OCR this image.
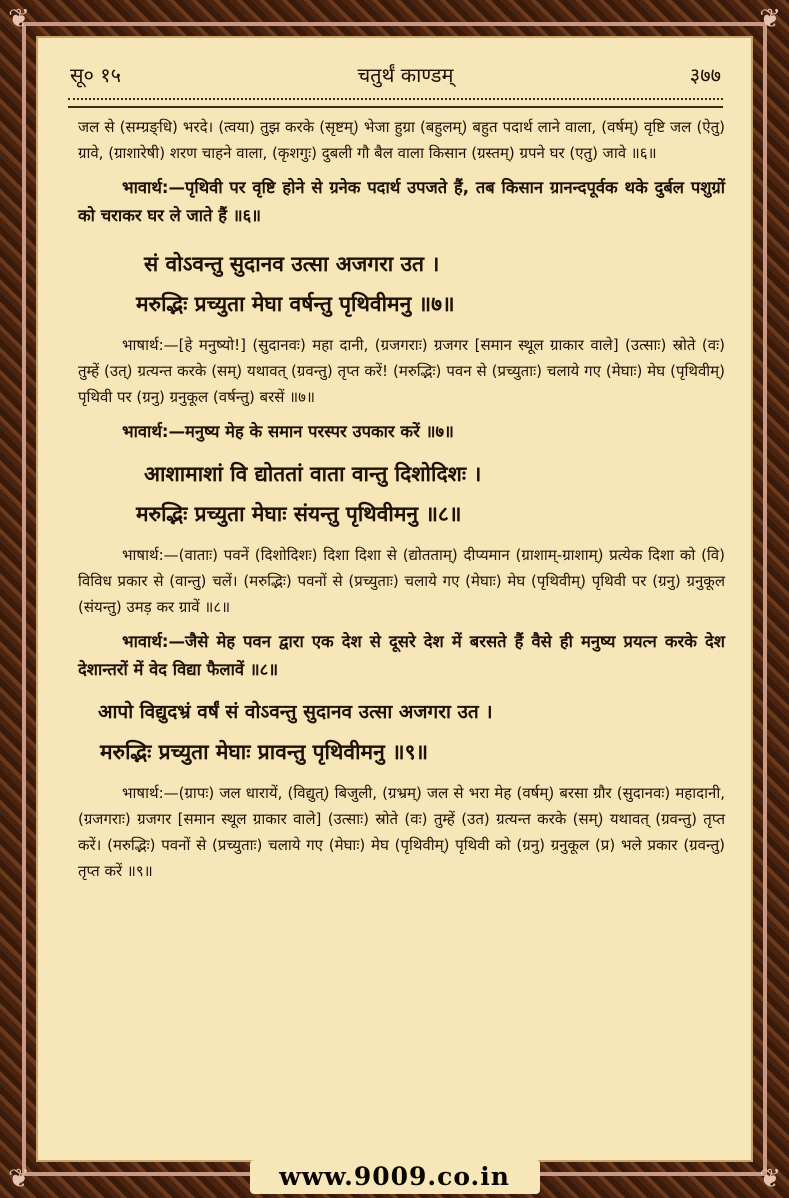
❦	❦
❦	❦
सू० १५	चतुर्थं काण्डम्	३७७

जल से (सम्ग्रङ्धि) भरदे। (त्वया) तुझ करके (सृष्टम्) भेजा हुग्रा (बहुलम्) बहुत पदार्थ लाने वाला, (वर्षम्) वृष्टि जल (ऐतु) ग्रावे, (ग्राशारेषी) शरण चाहने वाला, (कृशगुः) दुबली गौ बैल वाला किसान (ग्रस्तम्) ग्रपने घर (एतु) जावे ॥६॥

भावार्थ:—पृथिवी पर वृष्टि होने से ग्रनेक पदार्थ उपजते हैं, तब किसान ग्रानन्दपूर्वक थके दुर्बल पशुग्रों को चराकर घर ले जाते हैं ॥६॥

सं वोऽवन्तु सुदानव उत्सा अजगरा उत ।

मरुद्भिः प्रच्युता मेघा वर्षन्तु पृथिवीमनु ॥७॥

भाषार्थ:—[हे मनुष्यो!] (सुदानवः) महा दानी, (ग्रजगराः) ग्रजगर [समान स्थूल ग्राकार वाले] (उत्साः) स्रोते (वः) तुम्हें (उत्) ग्रत्यन्त करके (सम्) यथावत् (ग्रवन्तु) तृप्त करें! (मरुद्भिः) पवन से (प्रच्युताः) चलाये गए (मेघाः) मेघ (पृथिवीम्) पृथिवी पर (ग्रनु) ग्रनुकूल (वर्षन्तु) बरसें ॥७॥

भावार्थ:—मनुष्य मेह के समान परस्पर उपकार करें ॥७॥

आशामाशां वि द्योततां वाता वान्तु दिशोदिशः ।

मरुद्भिः प्रच्युता मेघाः संयन्तु पृथिवीमनु ॥८॥

भाषार्थ:—(वाताः) पवनें (दिशोदिशः) दिशा दिशा से (द्योतताम्) दीप्यमान (ग्राशाम्-ग्राशाम्) प्रत्येक दिशा को (वि) विविध प्रकार से (वान्तु) चलें। (मरुद्भिः) पवनों से (प्रच्युताः) चलाये गए (मेघाः) मेघ (पृथिवीम्) पृथिवी पर (ग्रनु) ग्रनुकूल (संयन्तु) उमड़ कर ग्रावें ॥८॥

भावार्थ:—जैसे मेह पवन द्वारा एक देश से दूसरे देश में बरसते हैं वैसे ही मनुष्य प्रयत्न करके देश देशान्तरों में वेद विद्या फैलावें ॥८॥

आपो विद्युदभ्रं वर्षं सं वोऽवन्तु सुदानव उत्सा अजगरा उत ।

मरुद्भिः प्रच्युता मेघाः प्रावन्तु पृथिवीमनु ॥९॥

भाषार्थ:—(ग्रापः) जल धारायें, (विद्युत्) बिजुली, (ग्रभ्रम्) जल से भरा मेह (वर्षम्) बरसा ग्रौर (सुदानवः) महादानी, (ग्रजगराः) ग्रजगर [समान स्थूल ग्राकार वाले] (उत्साः) स्रोते (वः) तुम्हें (उत) ग्रत्यन्त करके (सम्) यथावत् (ग्रवन्तु) तृप्त करें। (मरुद्भिः) पवनों से (प्रच्युताः) चलाये गए (मेघाः) मेघ (पृथिवीम्) पृथिवी को (ग्रनु) ग्रनुकूल (प्र) भले प्रकार (ग्रवन्तु) तृप्त करें ॥९॥

www.9009.co.in
